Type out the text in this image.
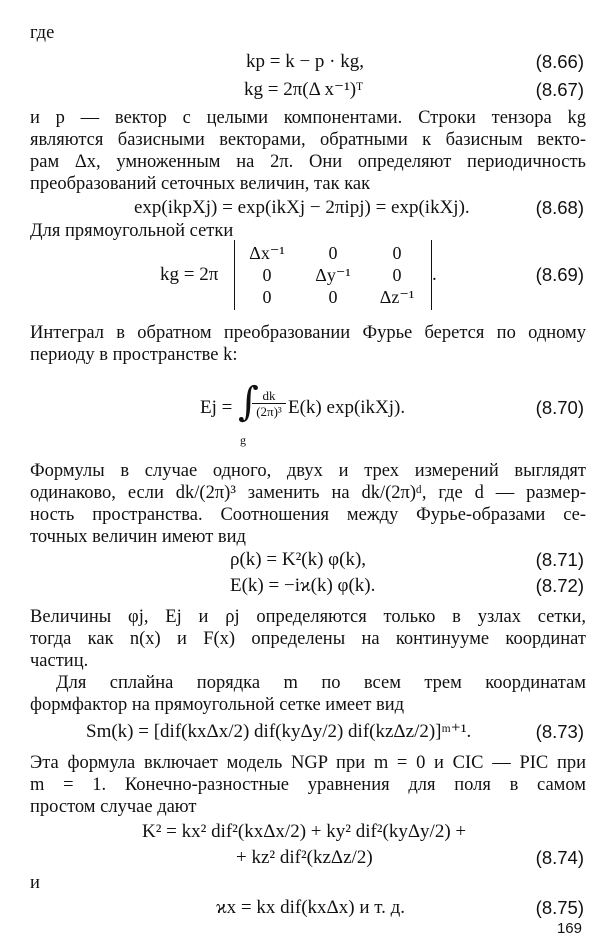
где
kp = k − p · kg,	(8.66)
kg = 2π(Δ x⁻¹)ᵀ	(8.67)
и p — вектор с целыми компонентами. Строки тензора kg
являются базисными векторами, обратными к базисным векто-
рам Δx, умноженным на 2π. Они определяют периодичность
преобразований сеточных величин, так как
exp(ikpXj) = exp(ikXj − 2πipj) = exp(ikXj).	(8.68)
Для прямоугольной сетки
kg = 2π
Δx⁻¹	0	0
0	Δy⁻¹	0
0	0	Δz⁻¹
.	(8.69)
Интеграл в обратном преобразовании Фурье берется по одному
периоду в пространстве k:
Ej = ∫
$\frac{dk}{\text{(2π)³}} E(k)$ exp(ikXj).
g
(8.70)
Формулы в случае одного, двух и трех измерений выглядят
одинаково, если dk/(2π)³ заменить на dk/(2π)ᵈ, где d — размер-
ность пространства. Соотношения между Фурье-образами се-
точных величин имеют вид
ρ(k) = K²(k) φ(k),	(8.71)
E(k) = −iϰ(k) φ(k).	(8.72)
Величины φj, Ej и ρj определяются только в узлах сетки,
тогда как n(x) и F(x) определены на континууме координат
частиц.
Для сплайна порядка m по всем трем координатам
формфактор на прямоугольной сетке имеет вид
Sm(k) = [dif(kxΔx/2) dif(kyΔy/2) dif(kzΔz/2)]ᵐ⁺¹.	(8.73)
Эта формула включает модель NGP при m = 0 и CIC — PIC при
m = 1. Конечно-разностные уравнения для поля в самом
простом случае дают
K² = kx² dif²(kxΔx/2) + ky² dif²(kyΔy/2) +
+ kz² dif²(kzΔz/2)	(8.74)
и
ϰx = kx dif(kxΔx) и т. д.	(8.75)
169
